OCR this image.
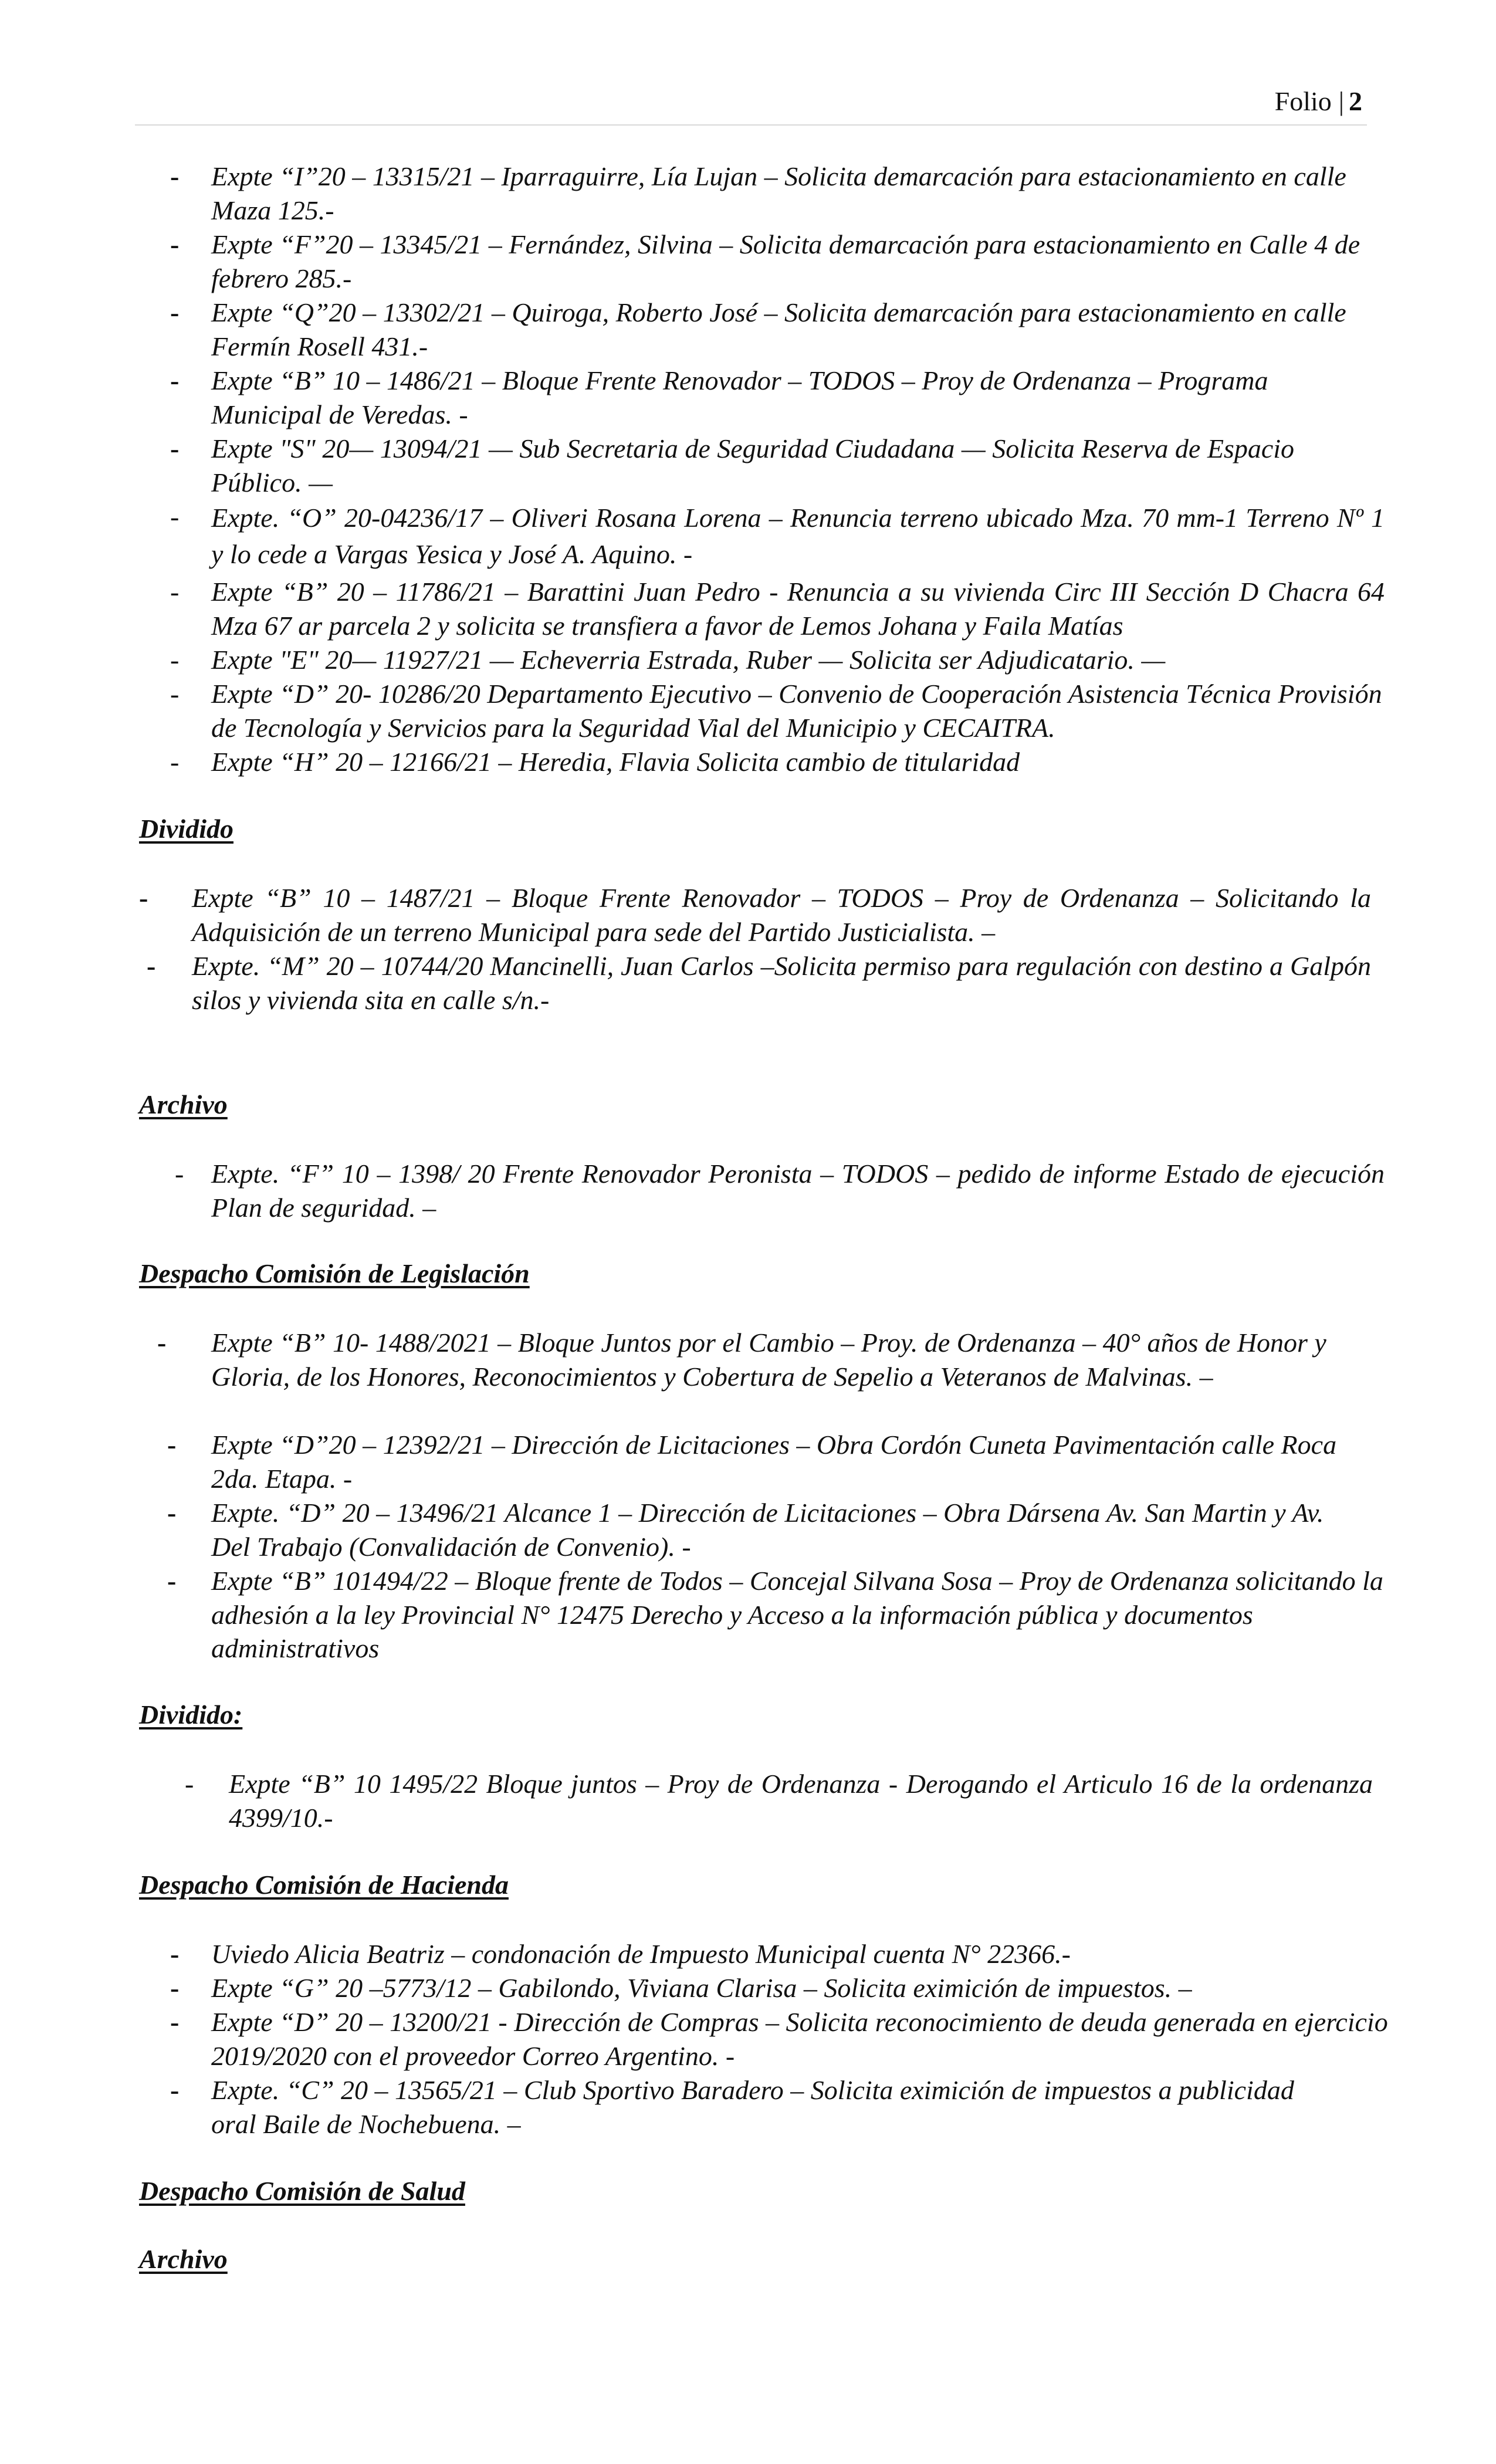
Folio | 2
- Expte “I”20 – 13315/21 – Iparraguirre, Lía Lujan – Solicita demarcación para estacionamiento en calle Maza 125.-
- Expte “F”20 – 13345/21 – Fernández, Silvina – Solicita demarcación para estacionamiento en Calle 4 de febrero 285.-
- Expte “Q”20 – 13302/21 – Quiroga, Roberto José – Solicita demarcación para estacionamiento en calle Fermín Rosell 431.-
- Expte “B” 10 – 1486/21 – Bloque Frente Renovador – TODOS – Proy de Ordenanza – Programa Municipal de Veredas. -
- Expte "S" 20— 13094/21 — Sub Secretaria de Seguridad Ciudadana — Solicita Reserva de Espacio Público. —
- Expte. “O” 20-04236/17 – Oliveri Rosana Lorena – Renuncia terreno ubicado Mza. 70 mm-1 Terreno Nº 1 y lo cede a Vargas Yesica y José A. Aquino. -
- Expte “B” 20 – 11786/21 – Barattini Juan Pedro - Renuncia a su vivienda Circ III Sección D Chacra 64 Mza 67 ar parcela 2 y solicita se transfiera a favor de Lemos Johana y Faila Matías
- Expte "E" 20— 11927/21 — Echeverria Estrada, Ruber — Solicita ser Adjudicatario. —
- Expte “D” 20- 10286/20 Departamento Ejecutivo – Convenio de Cooperación Asistencia Técnica Provisión de Tecnología y Servicios para la Seguridad Vial del Municipio y CECAITRA.
- Expte “H” 20 – 12166/21 – Heredia, Flavia Solicita cambio de titularidad
Dividido
- Expte “B” 10 – 1487/21 – Bloque Frente Renovador – TODOS – Proy de Ordenanza – Solicitando la Adquisición de un terreno Municipal para sede del Partido Justicialista. –
- Expte. “M” 20 – 10744/20 Mancinelli, Juan Carlos –Solicita permiso para regulación con destino a Galpón silos y vivienda sita en calle s/n.-
Archivo
- Expte. “F” 10 – 1398/ 20 Frente Renovador Peronista – TODOS – pedido de informe Estado de ejecución Plan de seguridad. –
Despacho Comisión de Legislación
- Expte “B” 10- 1488/2021 – Bloque Juntos por el Cambio – Proy. de Ordenanza – 40° años de Honor y Gloria, de los Honores, Reconocimientos y Cobertura de Sepelio a Veteranos de Malvinas. –
- Expte “D”20 – 12392/21 – Dirección de Licitaciones – Obra Cordón Cuneta Pavimentación calle Roca 2da. Etapa. -
- Expte. “D” 20 – 13496/21 Alcance 1 – Dirección de Licitaciones – Obra Dársena Av. San Martin y Av. Del Trabajo (Convalidación de Convenio). -
- Expte “B” 101494/22 – Bloque frente de Todos – Concejal Silvana Sosa – Proy de Ordenanza solicitando la adhesión a la ley Provincial N° 12475 Derecho y Acceso a la información pública y documentos administrativos
Dividido:
- Expte “B” 10 1495/22 Bloque juntos – Proy de Ordenanza - Derogando el Articulo 16 de la ordenanza 4399/10.-
Despacho Comisión de Hacienda
- Uviedo Alicia Beatriz – condonación de Impuesto Municipal cuenta N° 22366.-
- Expte “G” 20 –5773/12 – Gabilondo, Viviana Clarisa – Solicita eximición de impuestos. –
- Expte “D” 20 – 13200/21 - Dirección de Compras – Solicita reconocimiento de deuda generada en ejercicio 2019/2020 con el proveedor Correo Argentino. -
- Expte. “C” 20 – 13565/21 – Club Sportivo Baradero – Solicita eximición de impuestos a publicidad oral Baile de Nochebuena. –
Despacho Comisión de Salud
Archivo
